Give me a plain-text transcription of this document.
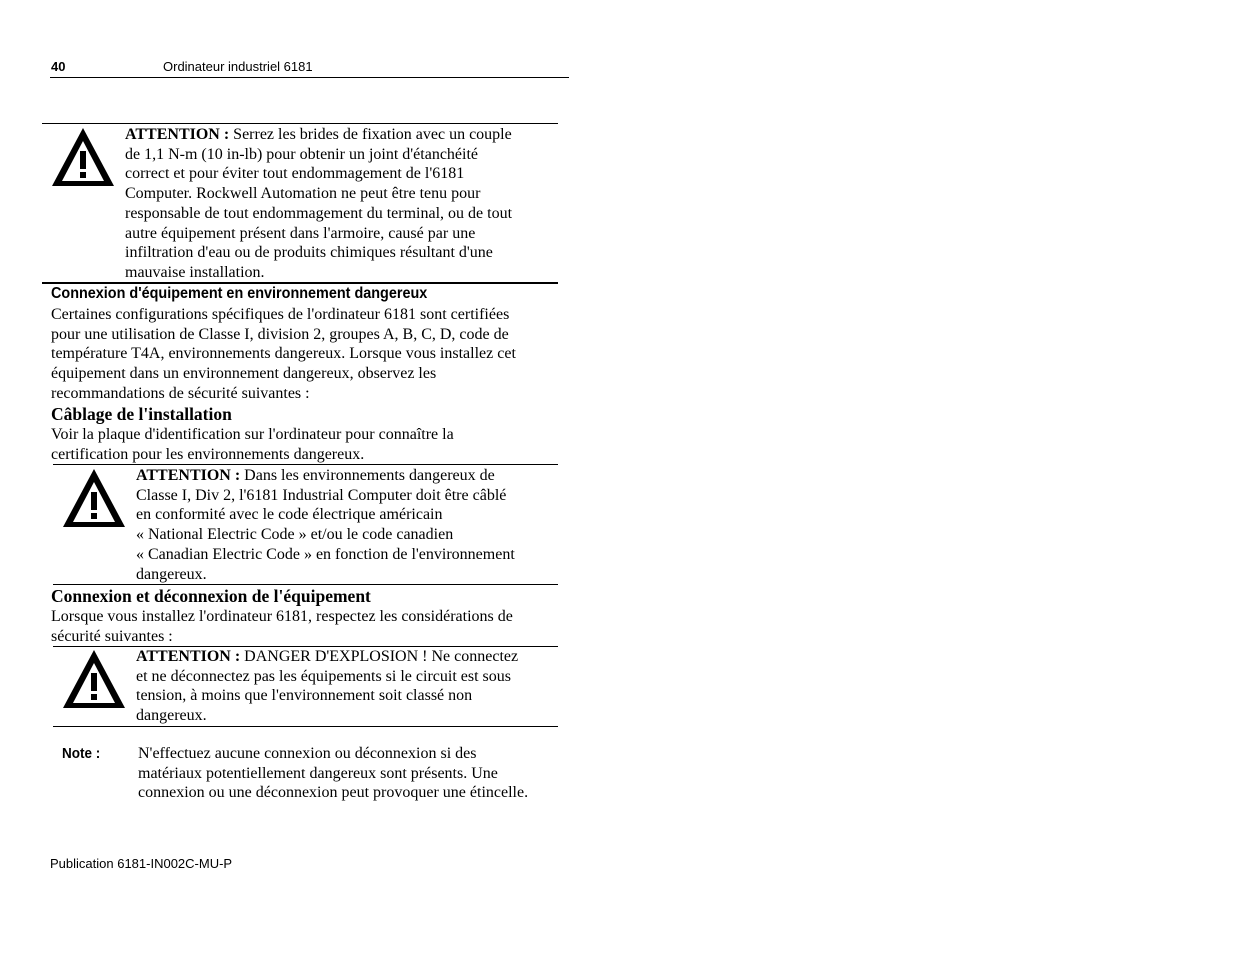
40	Ordinateur industriel 6181
ATTENTION : Serrez les brides de fixation avec un couple
de 1,1 N-m (10 in-lb) pour obtenir un joint d'étanchéité
correct et pour éviter tout endommagement de l'6181
Computer. Rockwell Automation ne peut être tenu pour
responsable de tout endommagement du terminal, ou de tout
autre équipement présent dans l'armoire, causé par une
infiltration d'eau ou de produits chimiques résultant d'une
mauvaise installation.
Connexion d'équipement en environnement dangereux
Certaines configurations spécifiques de l'ordinateur 6181 sont certifiées
pour une utilisation de Classe I, division 2, groupes A, B, C, D, code de
température T4A, environnements dangereux. Lorsque vous installez cet
équipement dans un environnement dangereux, observez les
recommandations de sécurité suivantes :
Câblage de l'installation
Voir la plaque d'identification sur l'ordinateur pour connaître la
certification pour les environnements dangereux.
ATTENTION : Dans les environnements dangereux de
Classe I, Div 2, l'6181 Industrial Computer doit être câblé
en conformité avec le code électrique américain
« National Electric Code » et/ou le code canadien
« Canadian Electric Code » en fonction de l'environnement
dangereux.
Connexion et déconnexion de l'équipement
Lorsque vous installez l'ordinateur 6181, respectez les considérations de
sécurité suivantes :
ATTENTION : DANGER D'EXPLOSION ! Ne connectez
et ne déconnectez pas les équipements si le circuit est sous
tension, à moins que l'environnement soit classé non
dangereux.
Note : N'effectuez aucune connexion ou déconnexion si des
matériaux potentiellement dangereux sont présents. Une
connexion ou une déconnexion peut provoquer une étincelle.
Publication 6181-IN002C-MU-P
